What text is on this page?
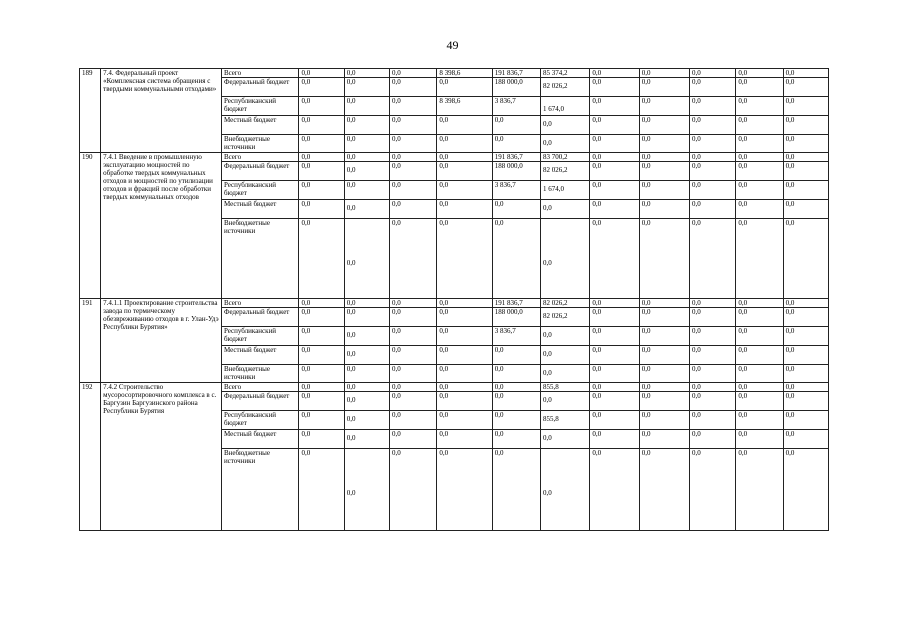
49
189	7.4. Федеральный проект «Комплексная система обращения с твердыми коммунальными отходами»	Всего	0,0	0,0	0,0	8 398,6	191 836,7	85 374,2	0,0	0,0	0,0	0,0	0,0
		Федеральный бюджет	0,0	0,0	0,0	0,0	188 000,0	82 026,2	0,0	0,0	0,0	0,0	0,0
		Республиканский бюджет	0,0	0,0	0,0	8 398,6	3 836,7	1 674,0	0,0	0,0	0,0	0,0	0,0
		Местный бюджет	0,0	0,0	0,0	0,0	0,0	0,0	0,0	0,0	0,0	0,0	0,0
		Внебюджетные источники	0,0	0,0	0,0	0,0	0,0	0,0	0,0	0,0	0,0	0,0	0,0
190	7.4.1 Введение в промышленную эксплуатацию мощностей по обработке твердых коммунальных отходов и мощностей по утилизации отходов и фракций после обработки твердых коммунальных отходов	Всего	0,0	0,0	0,0	0,0	191 836,7	83 700,2	0,0	0,0	0,0	0,0	0,0
		Федеральный бюджет	0,0	0,0	0,0	0,0	188 000,0	82 026,2	0,0	0,0	0,0	0,0	0,0
		Республиканский бюджет	0,0	0,0	0,0	0,0	3 836,7	1 674,0	0,0	0,0	0,0	0,0	0,0
		Местный бюджет	0,0	0,0	0,0	0,0	0,0	0,0	0,0	0,0	0,0	0,0	0,0
		Внебюджетные источники	0,0	0,0	0,0	0,0	0,0	0,0	0,0	0,0	0,0	0,0	0,0
191	7.4.1.1 Проектирование строительства завода по термическому обезвреживанию отходов в г. Улан-Удэ Республики Бурятия»	Всего	0,0	0,0	0,0	0,0	191 836,7	82 026,2	0,0	0,0	0,0	0,0	0,0
		Федеральный бюджет	0,0	0,0	0,0	0,0	188 000,0	82 026,2	0,0	0,0	0,0	0,0	0,0
		Республиканский бюджет	0,0	0,0	0,0	0,0	3 836,7	0,0	0,0	0,0	0,0	0,0	0,0
		Местный бюджет	0,0	0,0	0,0	0,0	0,0	0,0	0,0	0,0	0,0	0,0	0,0
		Внебюджетные источники	0,0	0,0	0,0	0,0	0,0	0,0	0,0	0,0	0,0	0,0	0,0
192	7.4.2 Строительство мусоросортировочного комплекса в с. Баргузин Баргузинского района Республики Бурятия	Всего	0,0	0,0	0,0	0,0	0,0	855,8	0,0	0,0	0,0	0,0	0,0
		Федеральный бюджет	0,0	0,0	0,0	0,0	0,0	0,0	0,0	0,0	0,0	0,0	0,0
		Республиканский бюджет	0,0	0,0	0,0	0,0	0,0	855,8	0,0	0,0	0,0	0,0	0,0
		Местный бюджет	0,0	0,0	0,0	0,0	0,0	0,0	0,0	0,0	0,0	0,0	0,0
		Внебюджетные источники	0,0	0,0	0,0	0,0	0,0	0,0	0,0	0,0	0,0	0,0	0,0
